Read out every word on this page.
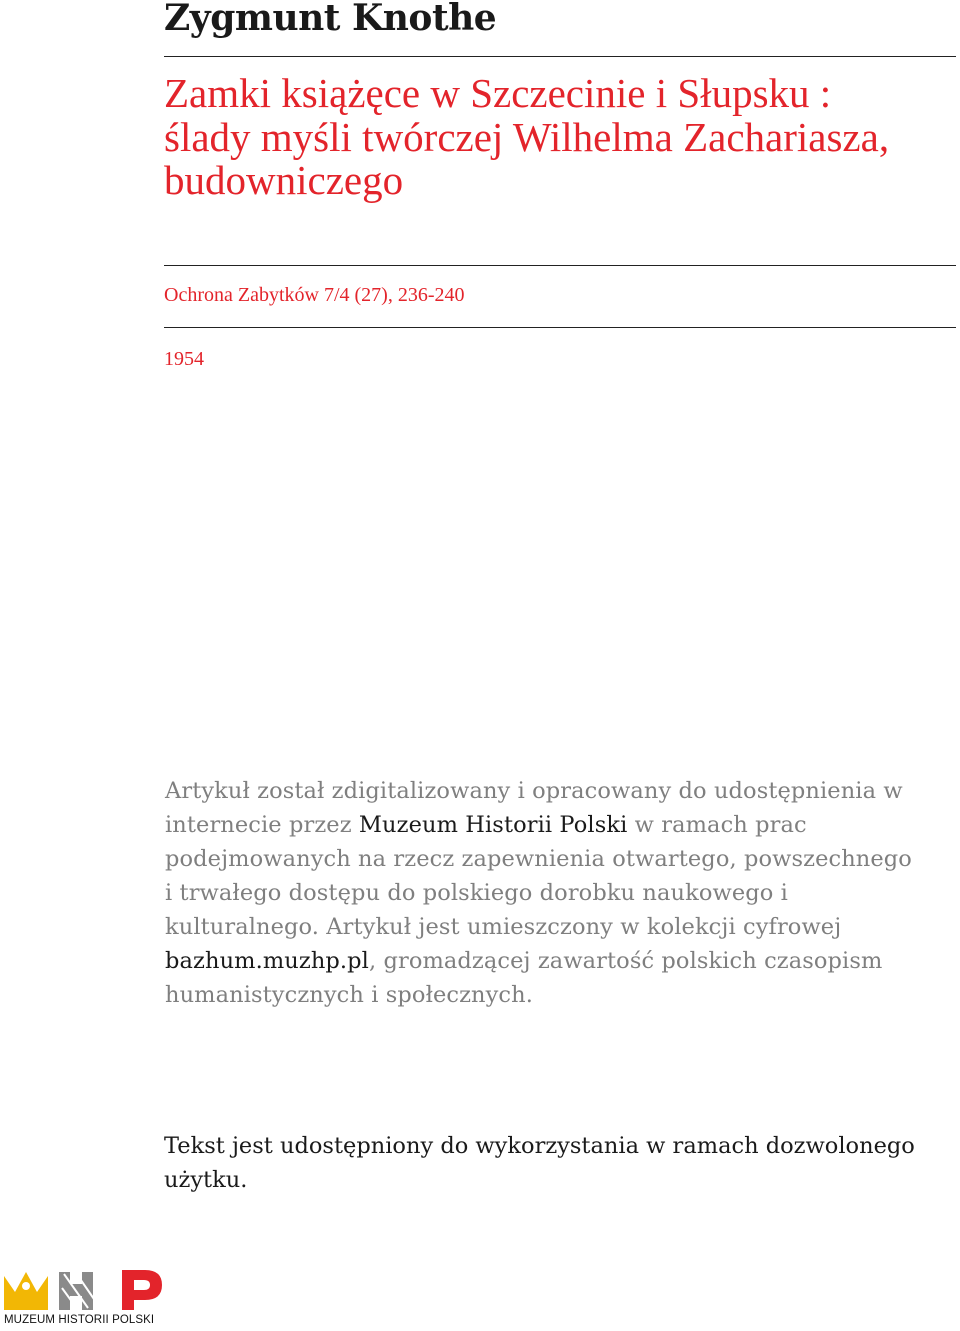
Zygmunt Knothe
Zamki książęce w Szczecinie i Słupsku : ślady myśli twórczej Wilhelma Zachariasza, budowniczego
Ochrona Zabytków 7/4 (27), 236-240
1954

Artykuł został zdigitalizowany i opracowany do udostępnienia w internecie przez Muzeum Historii Polski w ramach prac podejmowanych na rzecz zapewnienia otwartego, powszechnego i trwałego dostępu do polskiego dorobku naukowego i kulturalnego. Artykuł jest umieszczony w kolekcji cyfrowej bazhum.muzhp.pl, gromadzącej zawartość polskich czasopism humanistycznych i społecznych.

Tekst jest udostępniony do wykorzystania w ramach dozwolonego użytku.

MUZEUM HISTORII POLSKI
